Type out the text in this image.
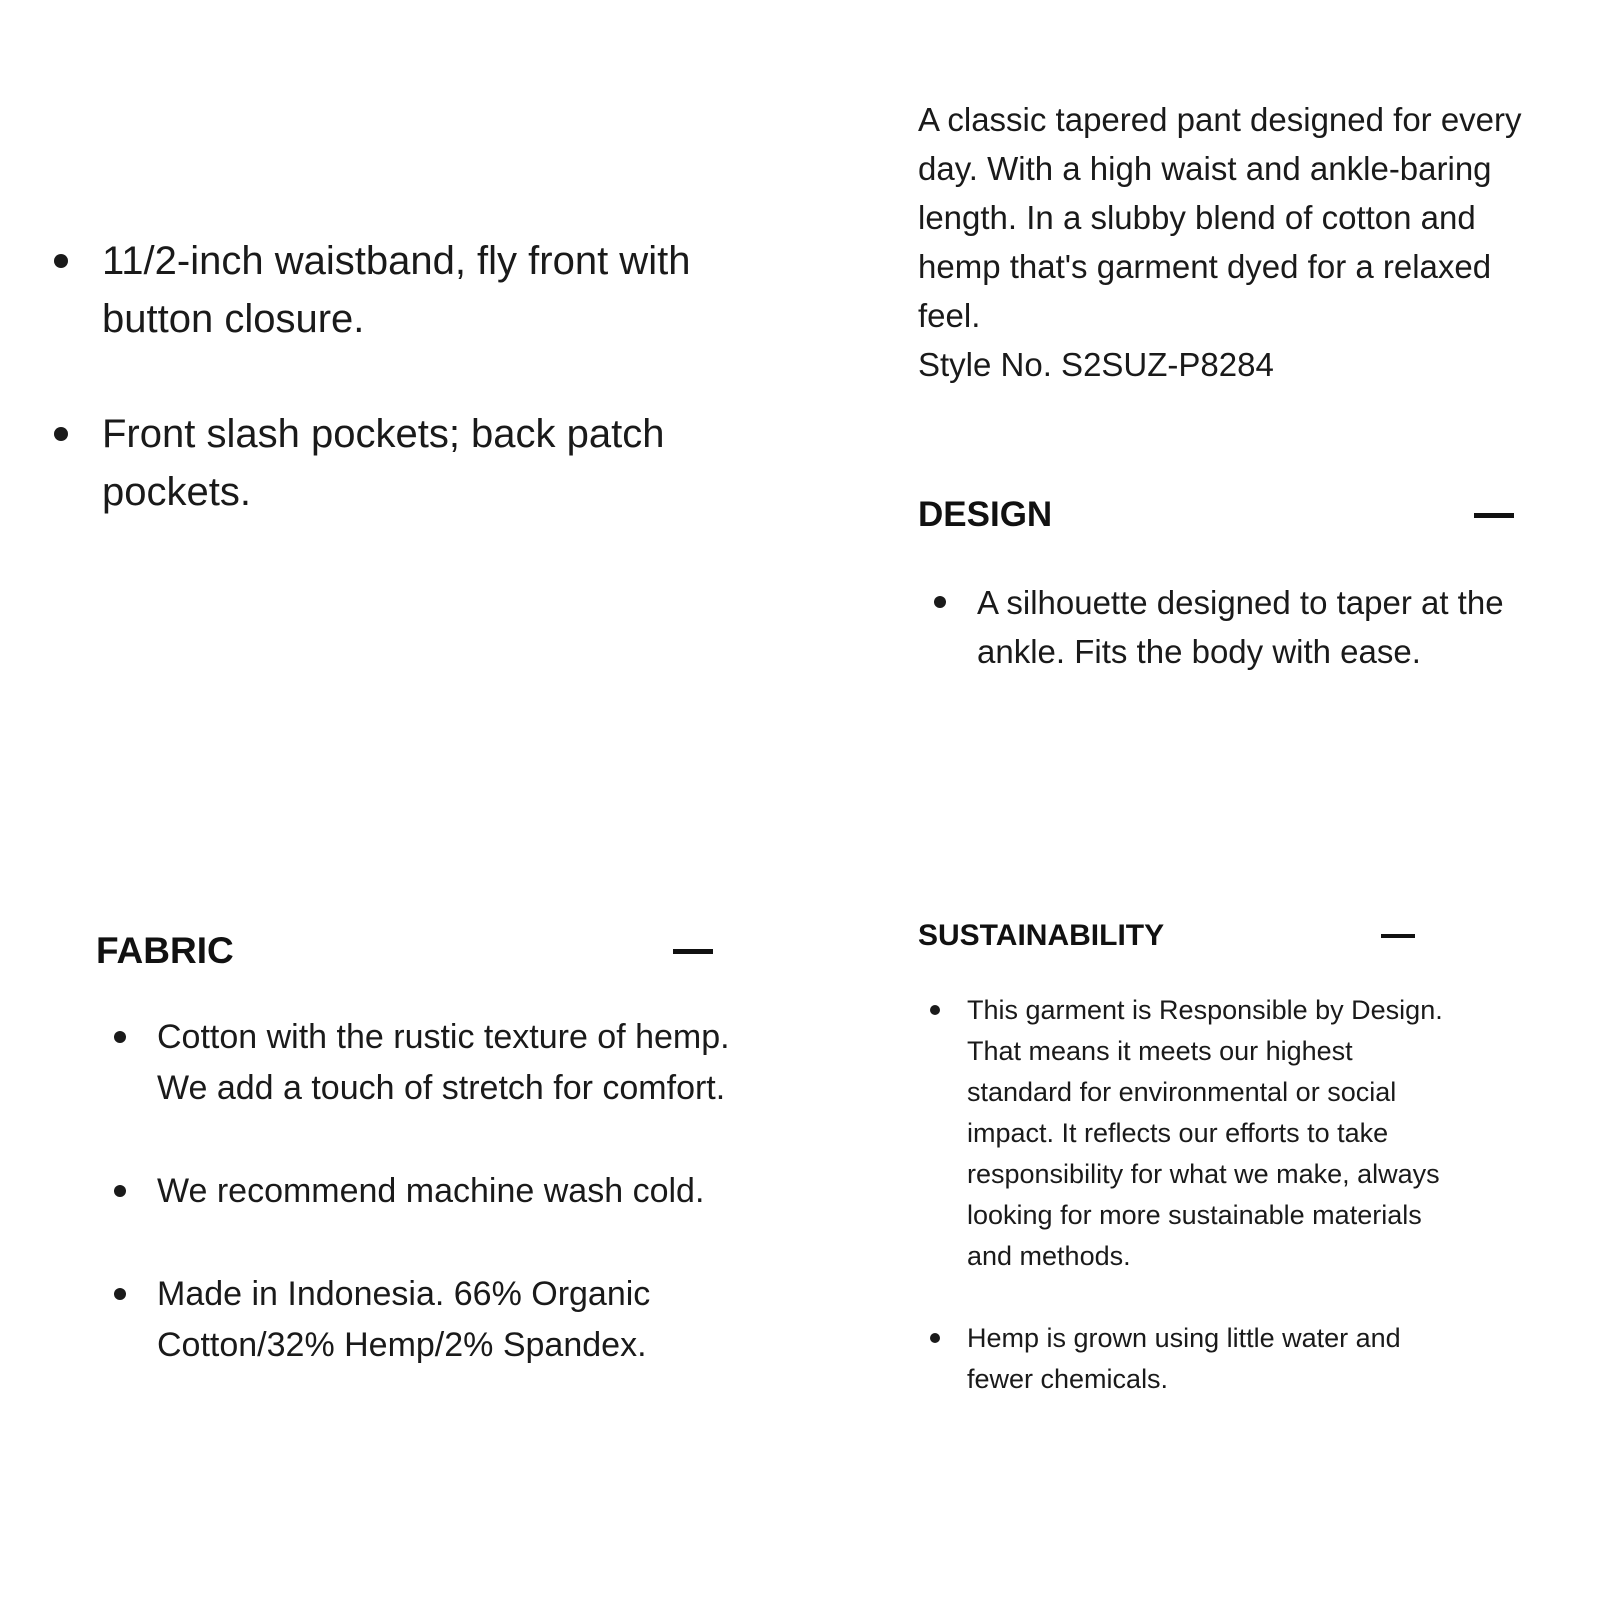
11/2-inch waistband, fly front with button closure.
Front slash pockets; back patch pockets.

A classic tapered pant designed for every day. With a high waist and ankle-baring length. In a slubby blend of cotton and hemp that's garment dyed for a relaxed feel.

Style No. S2SUZ-P8284

DESIGN
A silhouette designed to taper at the ankle. Fits the body with ease.
FABRIC
Cotton with the rustic texture of hemp. We add a touch of stretch for comfort.
We recommend machine wash cold.
Made in Indonesia. 66% Organic Cotton/32% Hemp/2% Spandex.
SUSTAINABILITY
This garment is Responsible by Design. That means it meets our highest standard for environmental or social impact. It reflects our efforts to take responsibility for what we make, always looking for more sustainable materials and methods.
Hemp is grown using little water and fewer chemicals.
